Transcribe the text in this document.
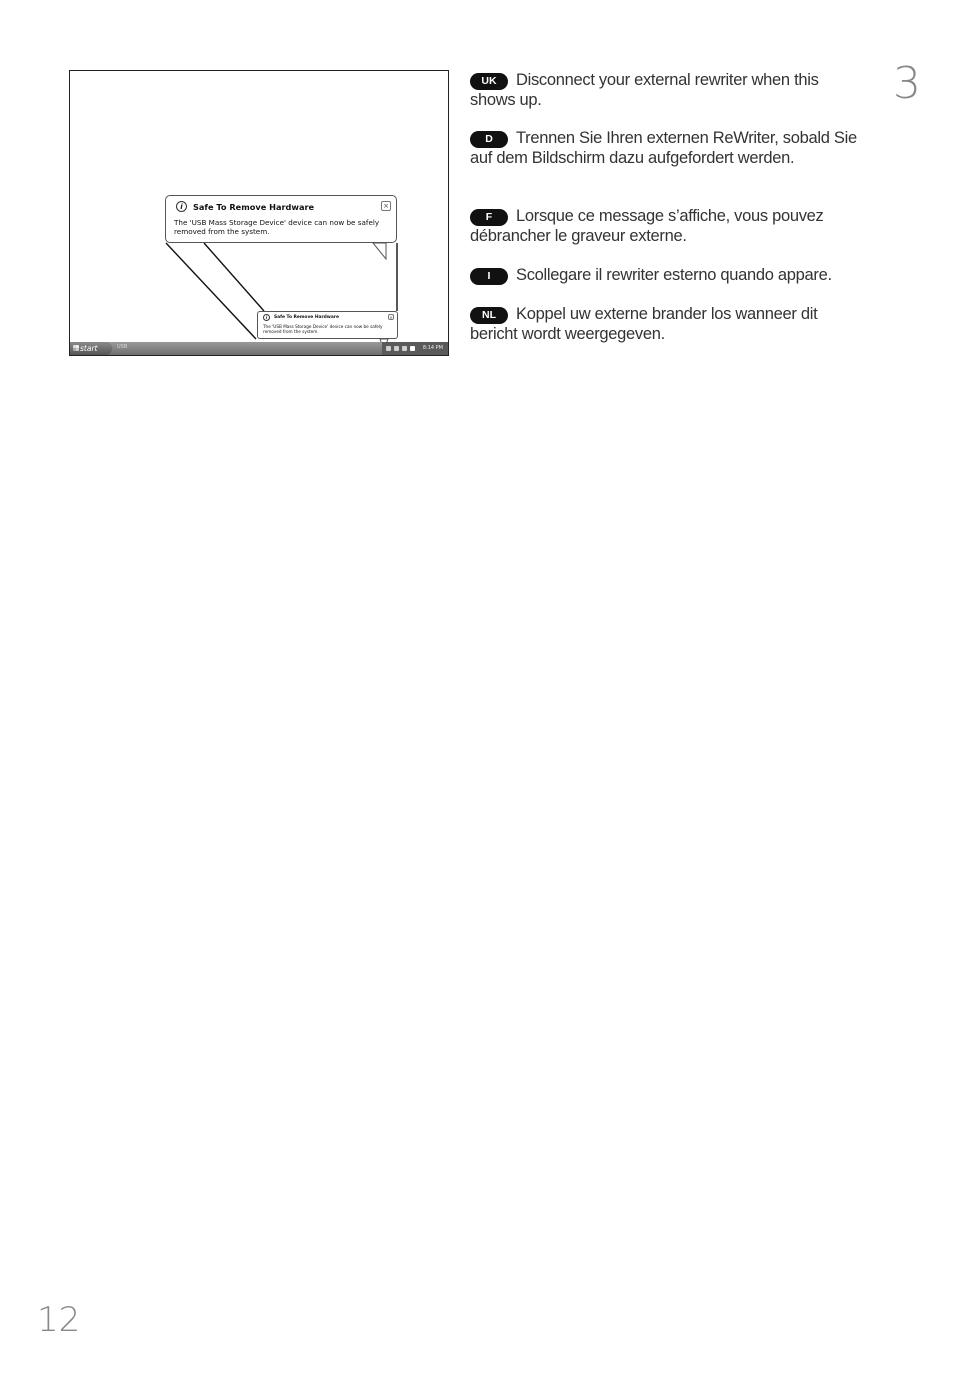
i	Safe To Remove Hardware	×
The 'USB Mass Storage Device' device can now be safely removed from the system.
i	Safe To Remove Hardware	×
The 'USB Mass Storage Device' device can now be safely removed from the system.
start	USB	8:14 PM
3
UK Disconnect your external rewriter when this shows up.
D Trennen Sie Ihren externen ReWriter, sobald Sie auf dem Bildschirm dazu aufgefordert werden.
F Lorsque ce message s’affiche, vous pouvez débrancher le graveur externe.
I Scollegare il rewriter esterno quando appare.
NL Koppel uw externe brander los wanneer dit bericht wordt weergegeven.
12
